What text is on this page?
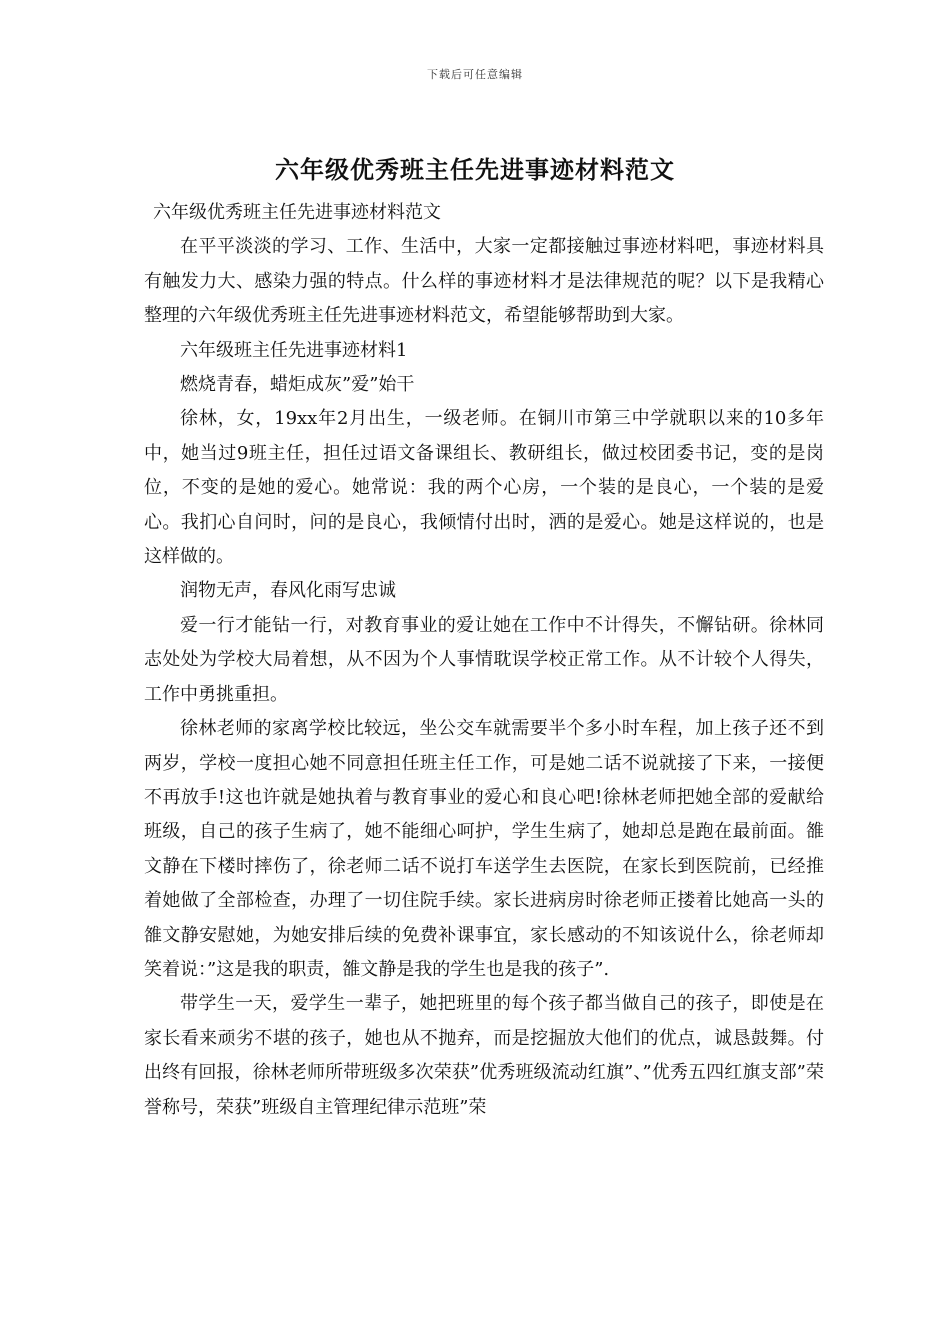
下载后可任意编辑
六年级优秀班主任先进事迹材料范文

六年级优秀班主任先进事迹材料范文

在平平淡淡的学习、工作、生活中，大家一定都接触过事迹材料吧，事迹材料具有触发力大、感染力强的特点。什么样的事迹材料才是法律规范的呢？以下是我精心整理的六年级优秀班主任先进事迹材料范文，希望能够帮助到大家。

六年级班主任先进事迹材料1

燃烧青春，蜡炬成灰”爱”始干

徐林，女，19xx年2月出生，一级老师。在铜川市第三中学就职以来的10多年中，她当过9班主任，担任过语文备课组长、教研组长，做过校团委书记，变的是岗位，不变的是她的爱心。她常说：我的两个心房，一个装的是良心，一个装的是爱心。我扪心自问时，问的是良心，我倾情付出时，洒的是爱心。她是这样说的，也是这样做的。

润物无声，春风化雨写忠诚

爱一行才能钻一行，对教育事业的爱让她在工作中不计得失，不懈钻研。徐林同志处处为学校大局着想，从不因为个人事情耽误学校正常工作。从不计较个人得失，工作中勇挑重担。

徐林老师的家离学校比较远，坐公交车就需要半个多小时车程，加上孩子还不到两岁，学校一度担心她不同意担任班主任工作，可是她二话不说就接了下来，一接便不再放手!这也许就是她执着与教育事业的爱心和良心吧!徐林老师把她全部的爱献给班级，自己的孩子生病了，她不能细心呵护，学生生病了，她却总是跑在最前面。雒文静在下楼时摔伤了，徐老师二话不说打车送学生去医院，在家长到医院前，已经推着她做了全部检查，办理了一切住院手续。家长进病房时徐老师正搂着比她高一头的雒文静安慰她，为她安排后续的免费补课事宜，家长感动的不知该说什么，徐老师却笑着说：”这是我的职责，雒文静是我的学生也是我的孩子”.

带学生一天，爱学生一辈子，她把班里的每个孩子都当做自己的孩子，即使是在家长看来顽劣不堪的孩子，她也从不抛弃，而是挖掘放大他们的优点，诚恳鼓舞。付出终有回报，徐林老师所带班级多次荣获”优秀班级流动红旗”、”优秀五四红旗支部”荣誉称号，荣获”班级自主管理纪律示范班”荣
